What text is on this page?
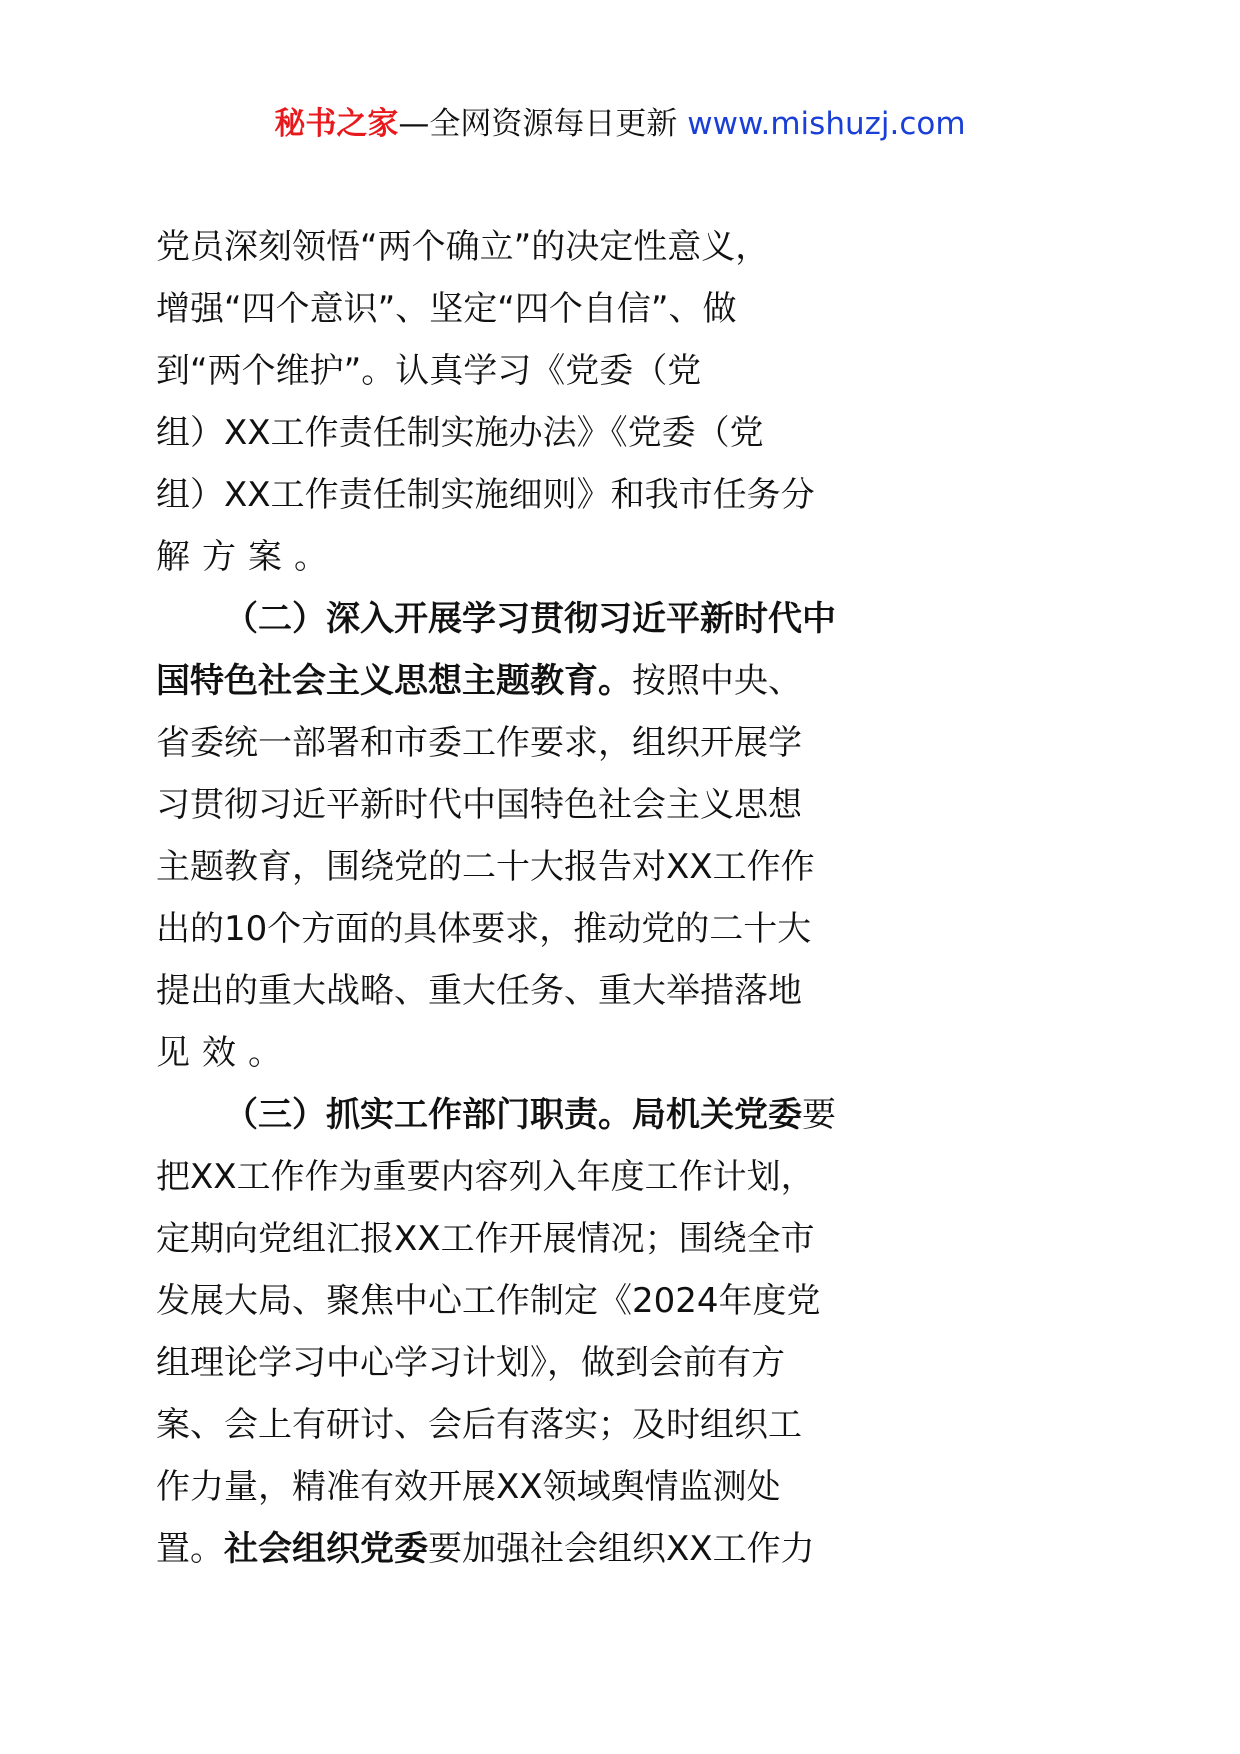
秘书之家—全网资源每日更新 www.mishuzj.com
党员深刻领悟“两个确立”的决定性意义，
增强“四个意识”、坚定“四个自信”、做
到“两个维护”。认真学习《党委（党
组）XX工作责任制实施办法》《党委（党
组）XX工作责任制实施细则》和我市任务分
解方案。
（二）深入开展学习贯彻习近平新时代中
国特色社会主义思想主题教育。按照中央、
省委统一部署和市委工作要求，组织开展学
习贯彻习近平新时代中国特色社会主义思想
主题教育，围绕党的二十大报告对XX工作作
出的10个方面的具体要求，推动党的二十大
提出的重大战略、重大任务、重大举措落地
见效。
（三）抓实工作部门职责。局机关党委要
把XX工作作为重要内容列入年度工作计划，
定期向党组汇报XX工作开展情况；围绕全市
发展大局、聚焦中心工作制定《2024年度党
组理论学习中心学习计划》，做到会前有方
案、会上有研讨、会后有落实；及时组织工
作力量，精准有效开展XX领域舆情监测处
置。社会组织党委要加强社会组织XX工作力
